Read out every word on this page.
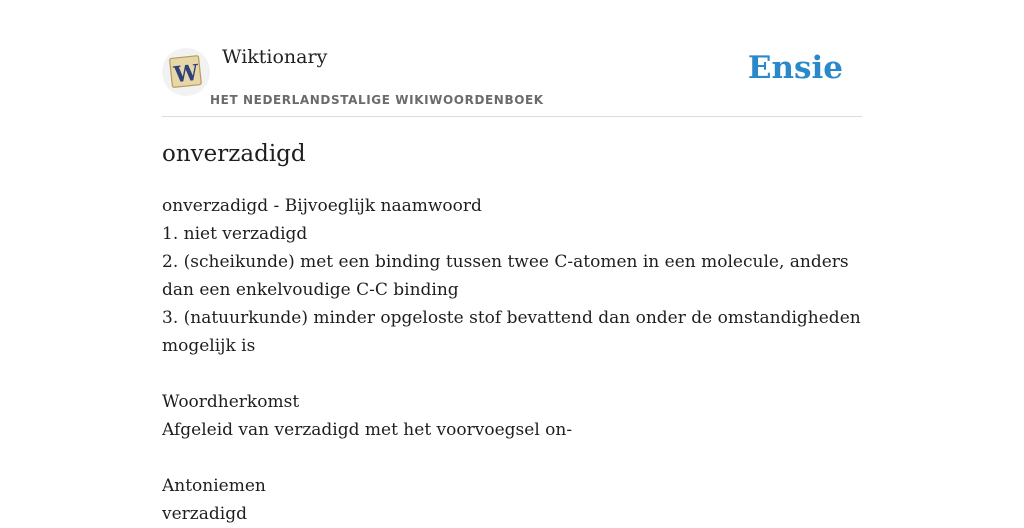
W
Wiktionary
HET NEDERLANDSTALIGE WIKIWOORDENBOEK
Ensie
onverzadigd
onverzadigd - Bijvoeglijk naamwoord
1. niet verzadigd
2. (scheikunde) met een binding tussen twee C-atomen in een molecule, anders dan een enkelvoudige C-C binding
3. (natuurkunde) minder opgeloste stof bevattend dan onder de omstandigheden mogelijk is
Woordherkomst
Afgeleid van verzadigd met het voorvoegsel on-
Antoniemen
verzadigd
